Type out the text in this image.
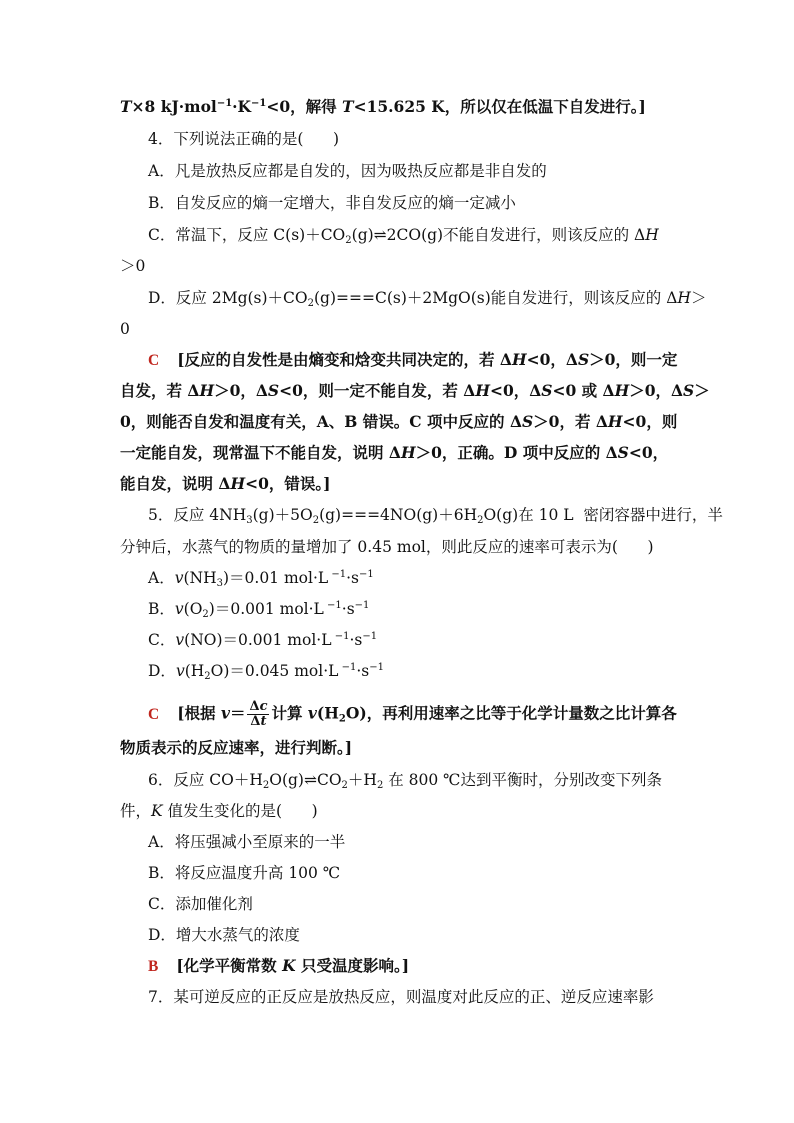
T×8 $kJ\cdot mol^{-1}\cdot K^{-1}<0$，解得 T<15.625 K，所以仅在低温下自发进行。]
4．下列说法正确的是(      )
A．凡是放热反应都是自发的，因为吸热反应都是非自发的
B．自发反应的熵一定增大，非自发反应的熵一定减小
C．常温下，反应 $C(s)+CO_2(g)\rightleftharpoons 2CO(g)$不能自发进行，则该反应的 ΔH
＞0
D．反应 $2Mg(s)+CO_2(g)===C(s)+2MgO(s)$能自发进行，则该反应的 ΔH＞
0
C [反应的自发性是由熵变和焓变共同决定的，若 ΔH<0，ΔS＞0，则一定
自发，若 ΔH＞0，ΔS<0，则一定不能自发，若 ΔH<0，ΔS<0 或 ΔH＞0，ΔS＞
0，则能否自发和温度有关，A、B 错误。C 项中反应的 ΔS＞0，若 ΔH<0，则
一定能自发，现常温下不能自发，说明 ΔH＞0，正确。D 项中反应的 ΔS<0，
能自发，说明 ΔH<0，错误。]
5．反应 $4NH_3(g)+5O_2(g)===4NO(g)+6H_2O(g)$在 10 L  密闭容器中进行，半
分钟后，水蒸气的物质的量增加了 0.45 mol，则此反应的速率可表示为(      )
A．$v(NH_3)=0.01$ mol·L $^{-1}\cdot s^{-1}$
B．$v(O_2)=0.001$ mol·L $^{-1}\cdot s^{-1}$
C．v(NO)＝0.001 mol·L $^{-1}\cdot s^{-1}$
D．$v(H_2O)=0.045$ mol·L $^{-1}\cdot s^{-1}$
C [根据 $v= \frac{\Delta c}{\Delta t}$ 计算 $v(H_2O)$，再利用速率之比等于化学计量数之比计算各
物质表示的反应速率，进行判断。]
6．反应 $CO+H_2O(g)\rightleftharpoons CO_2+H_2$ 在 800 ℃达到平衡时，分别改变下列条
件，K 值发生变化的是(      )
A．将压强减小至原来的一半
B．将反应温度升高 100 ℃
C．添加催化剂
D．增大水蒸气的浓度
B [化学平衡常数 K 只受温度影响。]
7．某可逆反应的正反应是放热反应，则温度对此反应的正、逆反应速率影
